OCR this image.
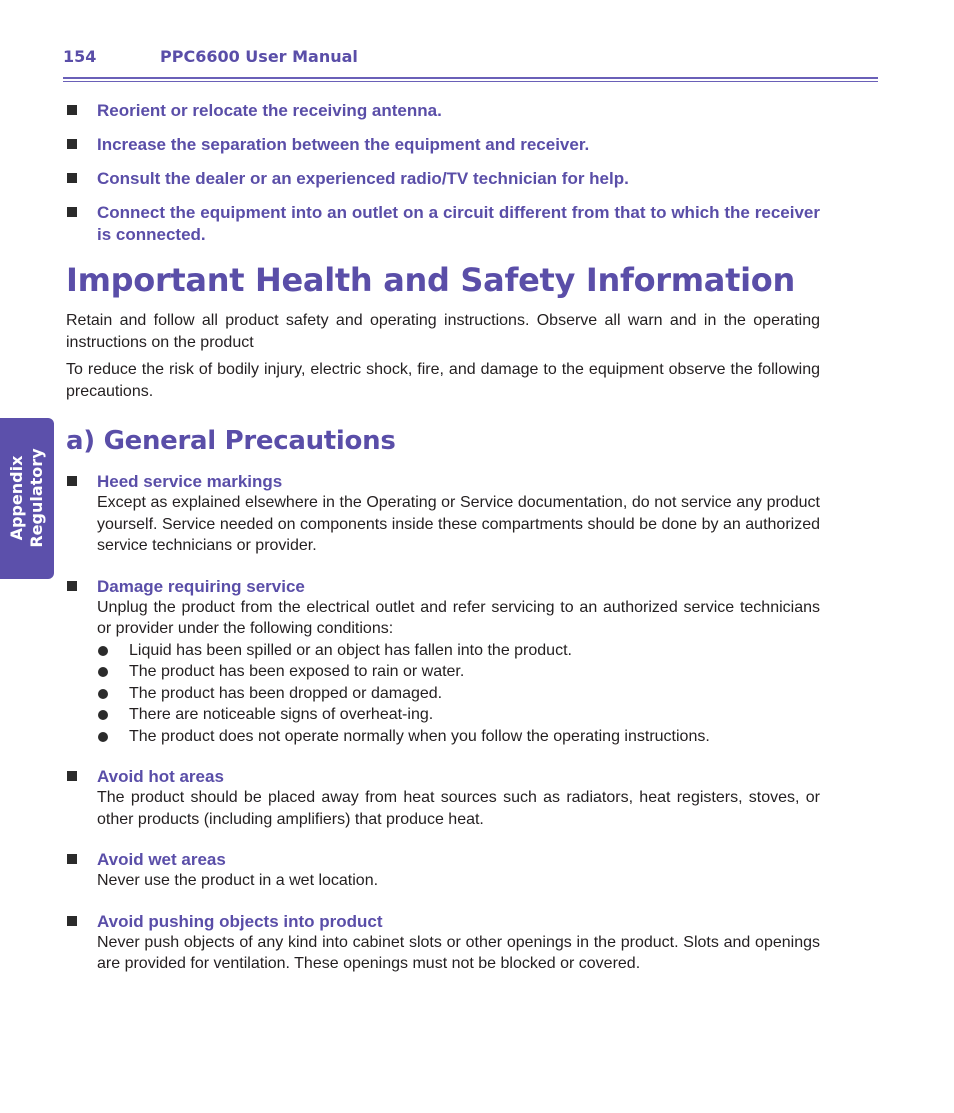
154	PPC6600 User Manual
Appendix Regulatory
Reorient or relocate the receiving antenna.
Increase the separation between the equipment and receiver.
Consult the dealer or an experienced radio/TV technician for help.
Connect the equipment into an outlet on a circuit different from that to which the receiver is connected.
Important Health and Safety Information

Retain and follow all product safety and operating instructions. Observe all warn and in the operating instructions on the product

To reduce the risk of bodily injury, electric shock, fire, and damage to the equipment observe the following precautions.

a) General Precautions
Heed service markings
Except as explained elsewhere in the Operating or Service documentation, do not service any product yourself. Service needed on components inside these compartments should be done by an authorized service technicians or provider.
Damage requiring service
Unplug the product from the electrical outlet and refer servicing to an authorized service technicians or provider under the following conditions:
Liquid has been spilled or an object has fallen into the product.
The product has been exposed to rain or water.
The product has been dropped or damaged.
There are noticeable signs of overheat-ing.
The product does not operate normally when you follow the operating instructions.
Avoid hot areas
The product should be placed away from heat sources such as radiators, heat registers, stoves, or other products (including amplifiers) that produce heat.
Avoid wet areas
Never use the product in a wet location.
Avoid pushing objects into product
Never push objects of any kind into cabinet slots or other openings in the product. Slots and openings are provided for ventilation. These openings must not be blocked or covered.
